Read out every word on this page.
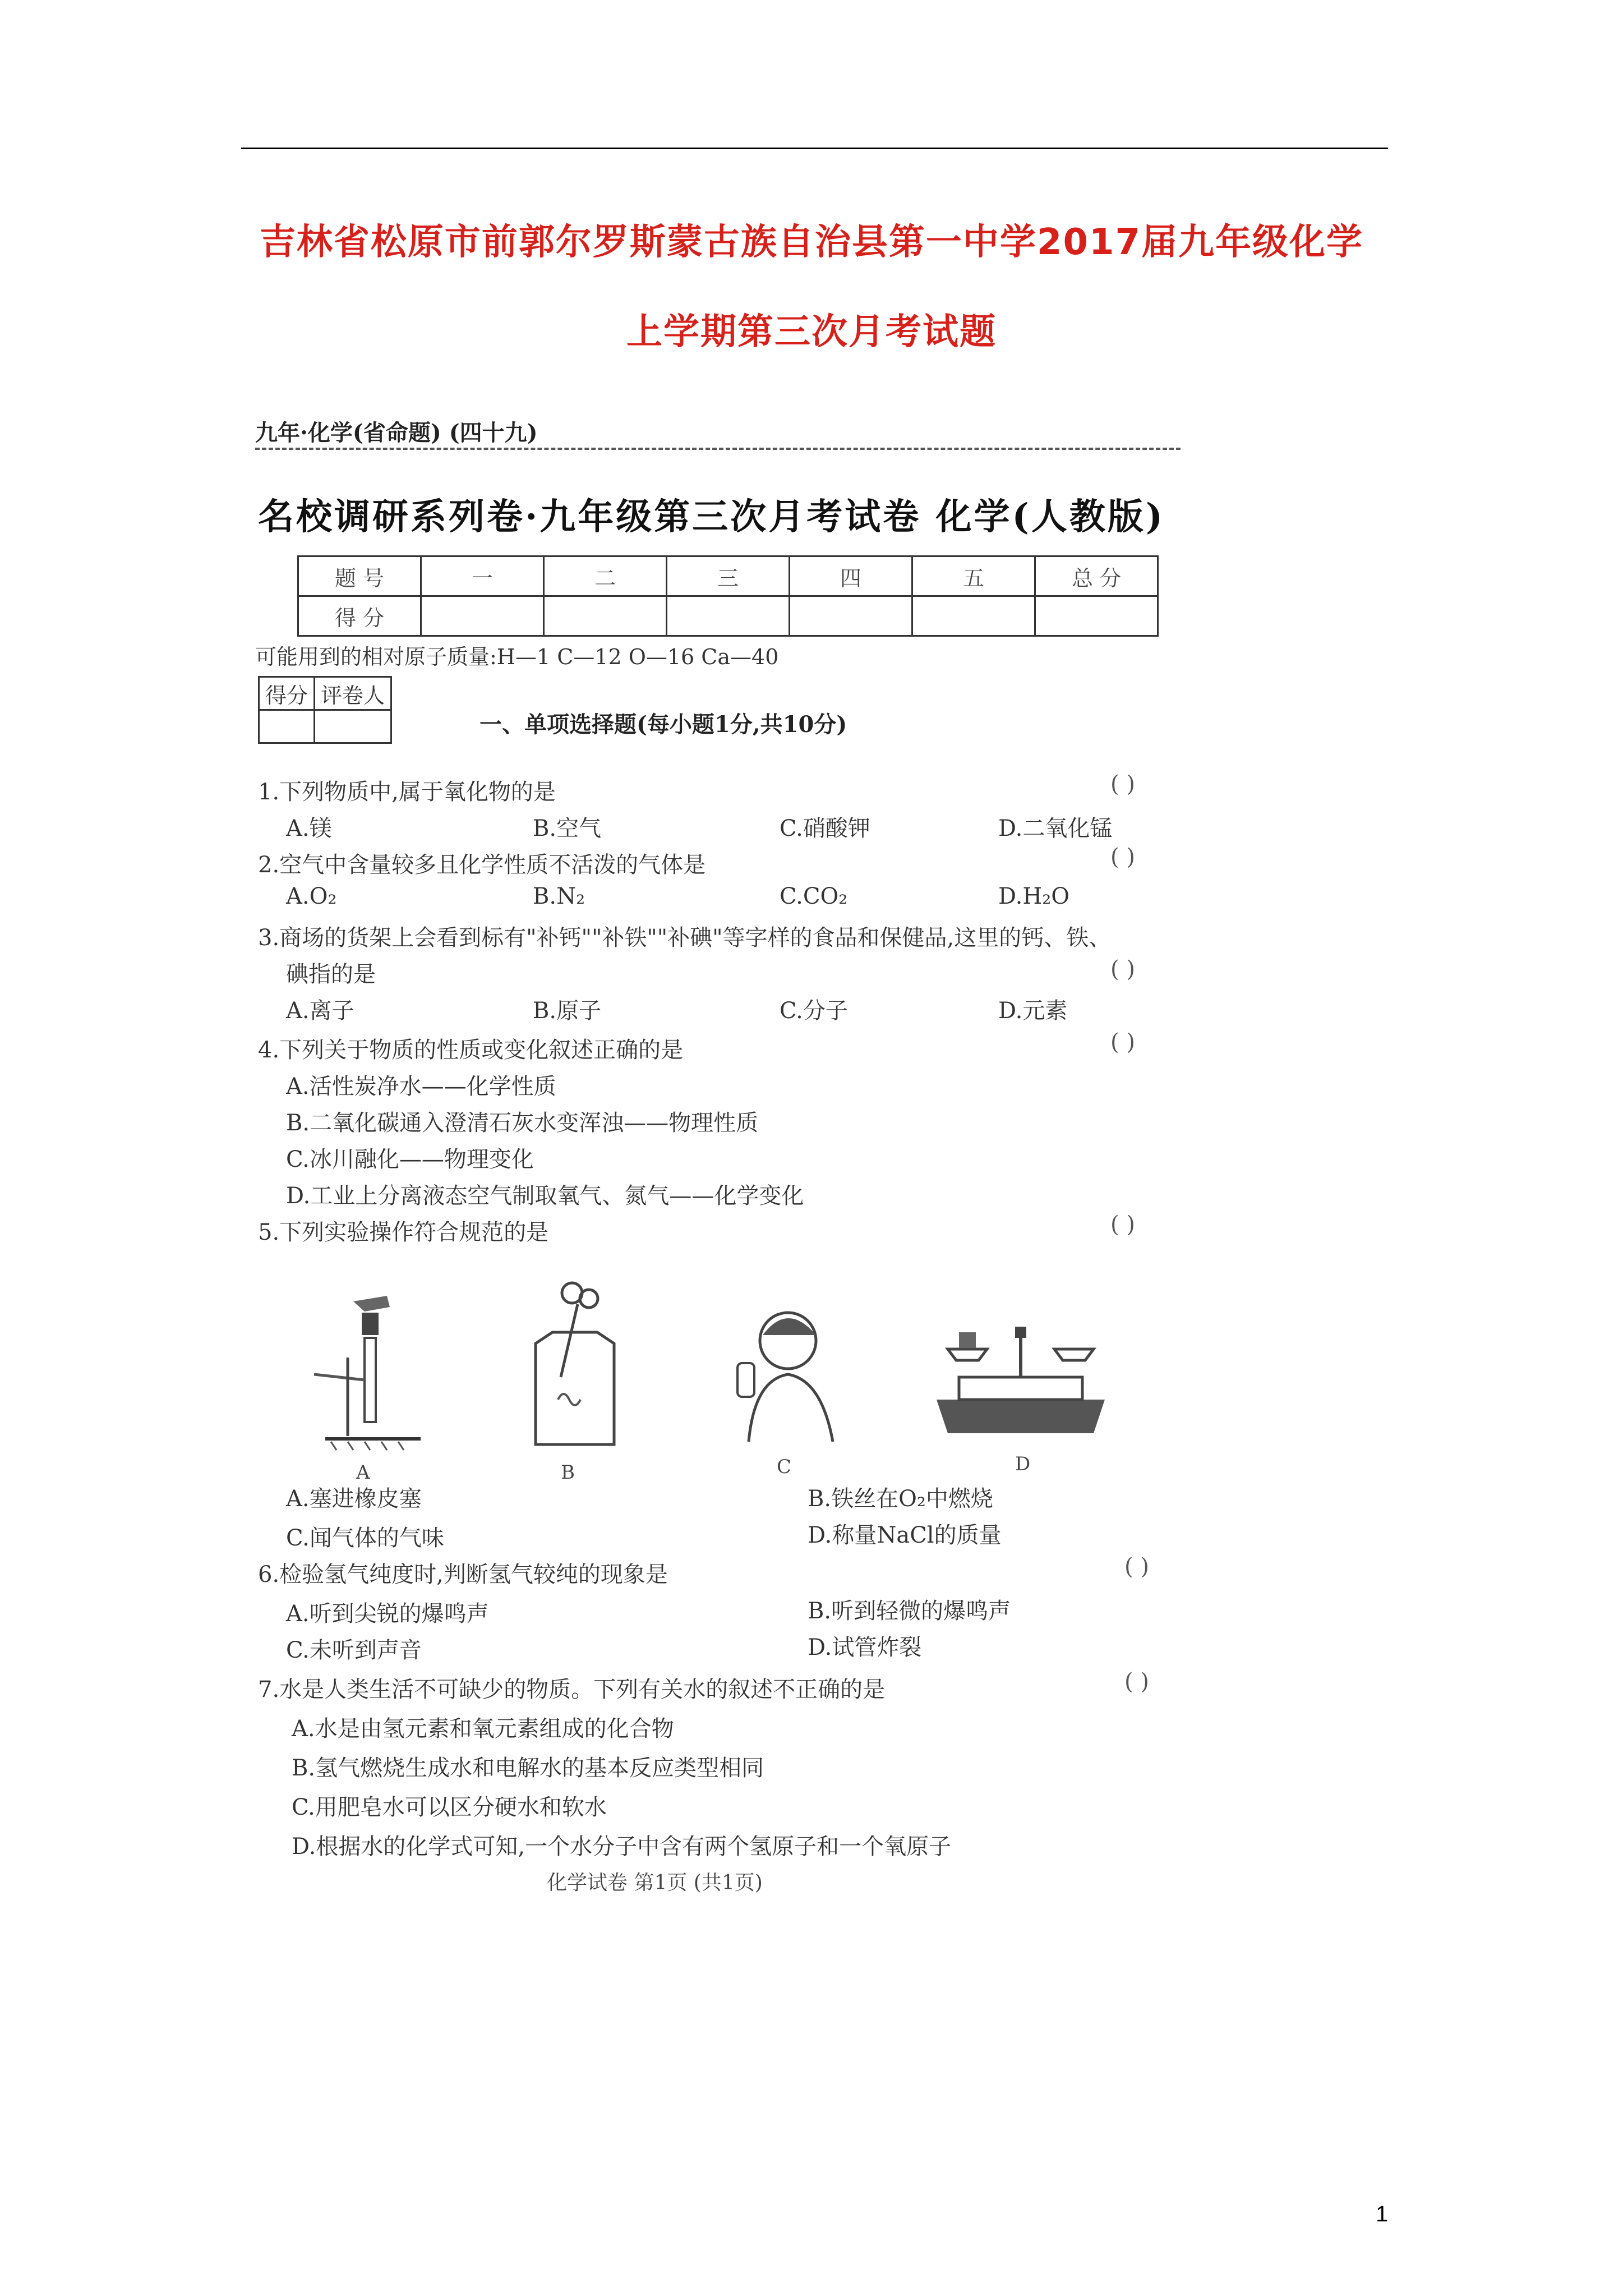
吉林省松原市前郭尔罗斯蒙古族自治县第一中学2017届九年级化学
上学期第三次月考试题
九年·化学(省命题) (四十九)
名校调研系列卷·九年级第三次月考试卷 化学(人教版)
题 号	一	二	三	四	五	总 分
得 分						
可能用到的相对原子质量:H—1 C—12 O—16 Ca—40
得分	评卷人

一、单项选择题(每小题1分,共10分)
1.下列物质中,属于氧化物的是	( )
A.镁	B.空气	C.硝酸钾	D.二氧化锰
2.空气中含量较多且化学性质不活泼的气体是	( )
A.O₂	B.N₂	C.CO₂	D.H₂O
3.商场的货架上会看到标有"补钙""补铁""补碘"等字样的食品和保健品,这里的钙、铁、
碘指的是	( )
A.离子	B.原子	C.分子	D.元素
4.下列关于物质的性质或变化叙述正确的是	( )
A.活性炭净水——化学性质
B.二氧化碳通入澄清石灰水变浑浊——物理性质
C.冰川融化——物理变化
D.工业上分离液态空气制取氧气、氮气——化学变化
5.下列实验操作符合规范的是	( )
A	B	C	D
A.塞进橡皮塞	B.铁丝在O₂中燃烧
C.闻气体的气味	D.称量NaCl的质量
6.检验氢气纯度时,判断氢气较纯的现象是	( )
A.听到尖锐的爆鸣声	B.听到轻微的爆鸣声
C.未听到声音	D.试管炸裂
7.水是人类生活不可缺少的物质。下列有关水的叙述不正确的是	( )
A.水是由氢元素和氧元素组成的化合物
B.氢气燃烧生成水和电解水的基本反应类型相同
C.用肥皂水可以区分硬水和软水
D.根据水的化学式可知,一个水分子中含有两个氢原子和一个氧原子
化学试卷 第1页 (共1页)
1
